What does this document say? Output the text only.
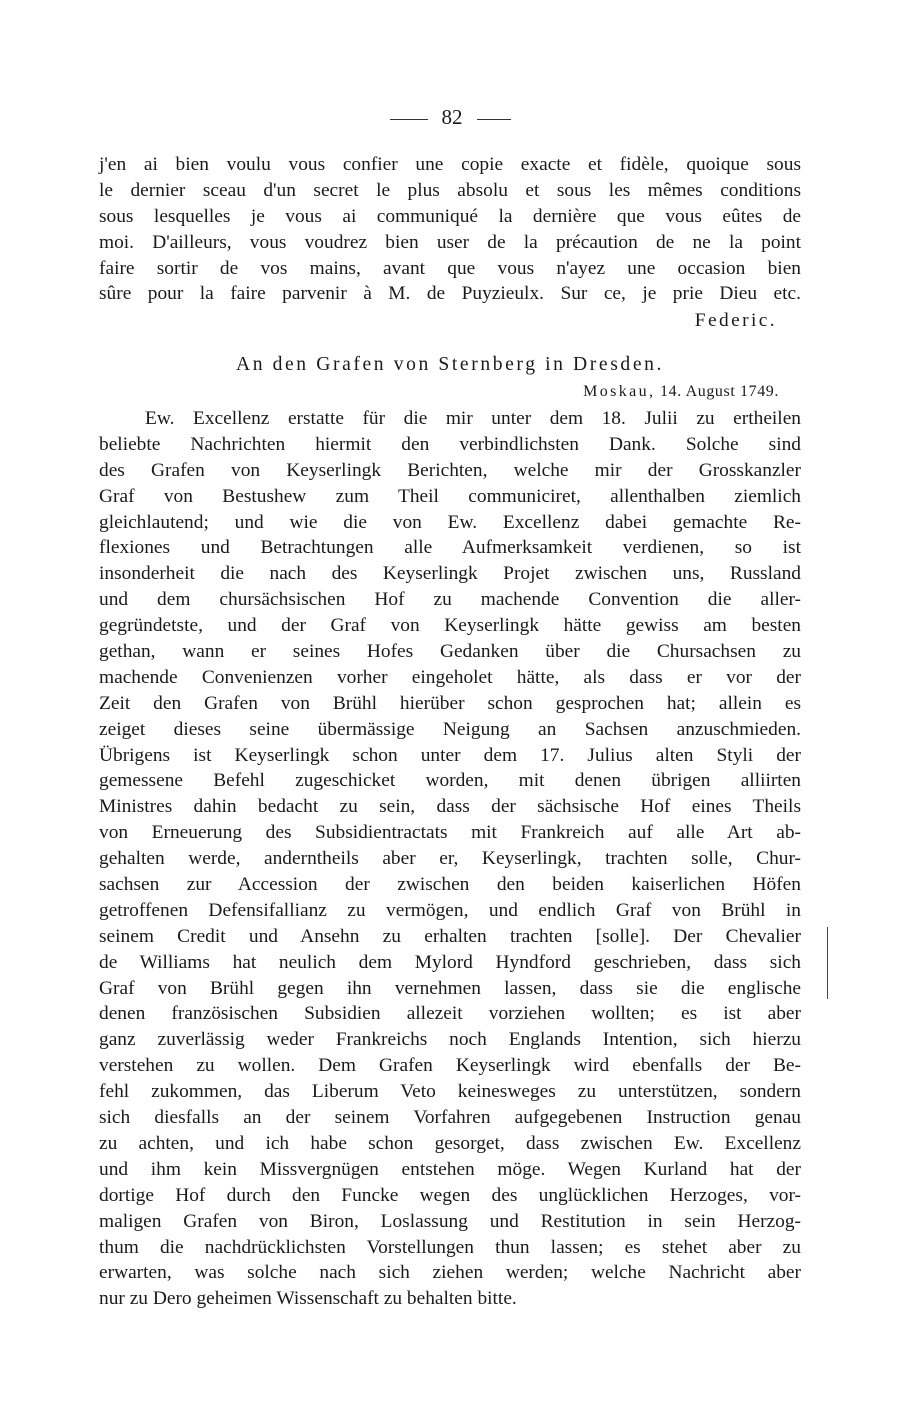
82
j'en ai bien voulu vous confier une copie exacte et fidèle, quoique sous
le dernier sceau d'un secret le plus absolu et sous les mêmes conditions
sous lesquelles je vous ai communiqué la dernière que vous eûtes de
moi. D'ailleurs, vous voudrez bien user de la précaution de ne la point
faire sortir de vos mains, avant que vous n'ayez une occasion bien
sûre pour la faire parvenir à M. de Puyzieulx. Sur ce, je prie Dieu etc.
Federic.
An den Grafen von Sternberg in Dresden.
Moskau, 14. August 1749.
Ew. Excellenz erstatte für die mir unter dem 18. Julii zu ertheilen
beliebte Nachrichten hiermit den verbindlichsten Dank. Solche sind
des Grafen von Keyserlingk Berichten, welche mir der Grosskanzler
Graf von Bestushew zum Theil communiciret, allenthalben ziemlich
gleichlautend; und wie die von Ew. Excellenz dabei gemachte Re-
flexiones und Betrachtungen alle Aufmerksamkeit verdienen, so ist
insonderheit die nach des Keyserlingk Projet zwischen uns, Russland
und dem chursächsischen Hof zu machende Convention die aller-
gegründetste, und der Graf von Keyserlingk hätte gewiss am besten
gethan, wann er seines Hofes Gedanken über die Chursachsen zu
machende Convenienzen vorher eingeholet hätte, als dass er vor der
Zeit den Grafen von Brühl hierüber schon gesprochen hat; allein es
zeiget dieses seine übermässige Neigung an Sachsen anzuschmieden.
Übrigens ist Keyserlingk schon unter dem 17. Julius alten Styli der
gemessene Befehl zugeschicket worden, mit denen übrigen alliirten
Ministres dahin bedacht zu sein, dass der sächsische Hof eines Theils
von Erneuerung des Subsidientractats mit Frankreich auf alle Art ab-
gehalten werde, anderntheils aber er, Keyserlingk, trachten solle, Chur-
sachsen zur Accession der zwischen den beiden kaiserlichen Höfen
getroffenen Defensifallianz zu vermögen, und endlich Graf von Brühl in
seinem Credit und Ansehn zu erhalten trachten [solle]. Der Chevalier
de Williams hat neulich dem Mylord Hyndford geschrieben, dass sich
Graf von Brühl gegen ihn vernehmen lassen, dass sie die englische
denen französischen Subsidien allezeit vorziehen wollten; es ist aber
ganz zuverlässig weder Frankreichs noch Englands Intention, sich hierzu
verstehen zu wollen. Dem Grafen Keyserlingk wird ebenfalls der Be-
fehl zukommen, das Liberum Veto keinesweges zu unterstützen, sondern
sich diesfalls an der seinem Vorfahren aufgegebenen Instruction genau
zu achten, und ich habe schon gesorget, dass zwischen Ew. Excellenz
und ihm kein Missvergnügen entstehen möge. Wegen Kurland hat der
dortige Hof durch den Funcke wegen des unglücklichen Herzoges, vor-
maligen Grafen von Biron, Loslassung und Restitution in sein Herzog-
thum die nachdrücklichsten Vorstellungen thun lassen; es stehet aber zu
erwarten, was solche nach sich ziehen werden; welche Nachricht aber
nur zu Dero geheimen Wissenschaft zu behalten bitte.
